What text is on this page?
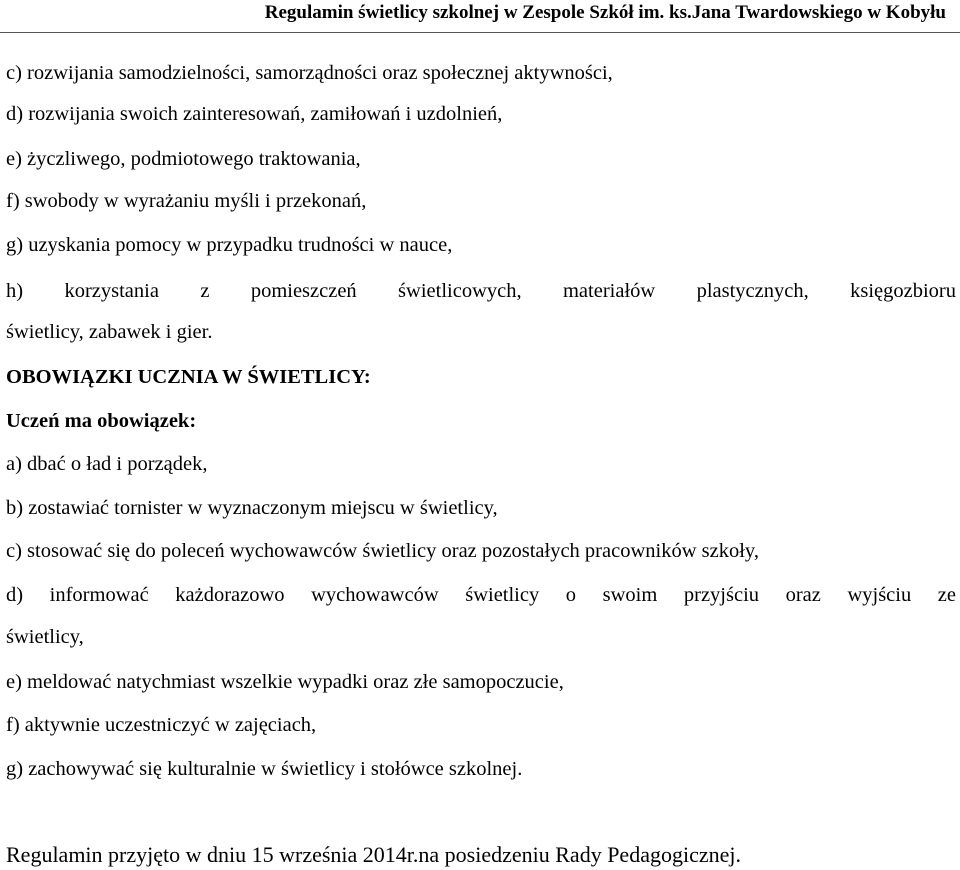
Regulamin świetlicy szkolnej w Zespole Szkół im. ks.Jana Twardowskiego w Kobyłu
c) rozwijania samodzielności, samorządności oraz społecznej aktywności,
d) rozwijania swoich zainteresowań, zamiłowań i uzdolnień,
e) życzliwego, podmiotowego traktowania,
f) swobody w wyrażaniu myśli i przekonań,
g) uzyskania pomocy w przypadku trudności w nauce,
h) korzystania z pomieszczeń świetlicowych, materiałów plastycznych, księgozbioru
świetlicy, zabawek i gier.
OBOWIĄZKI UCZNIA W ŚWIETLICY:
Uczeń ma obowiązek:
a) dbać o ład i porządek,
b) zostawiać tornister w wyznaczonym miejscu w świetlicy,
c) stosować się do poleceń wychowawców świetlicy oraz pozostałych pracowników szkoły,
d) informować każdorazowo wychowawców świetlicy o swoim przyjściu oraz wyjściu ze
świetlicy,
e) meldować natychmiast wszelkie wypadki oraz złe samopoczucie,
f) aktywnie uczestniczyć w zajęciach,
g) zachowywać się kulturalnie w świetlicy i stołówce szkolnej.
Regulamin przyjęto w dniu 15 września 2014r.na posiedzeniu Rady Pedagogicznej.
